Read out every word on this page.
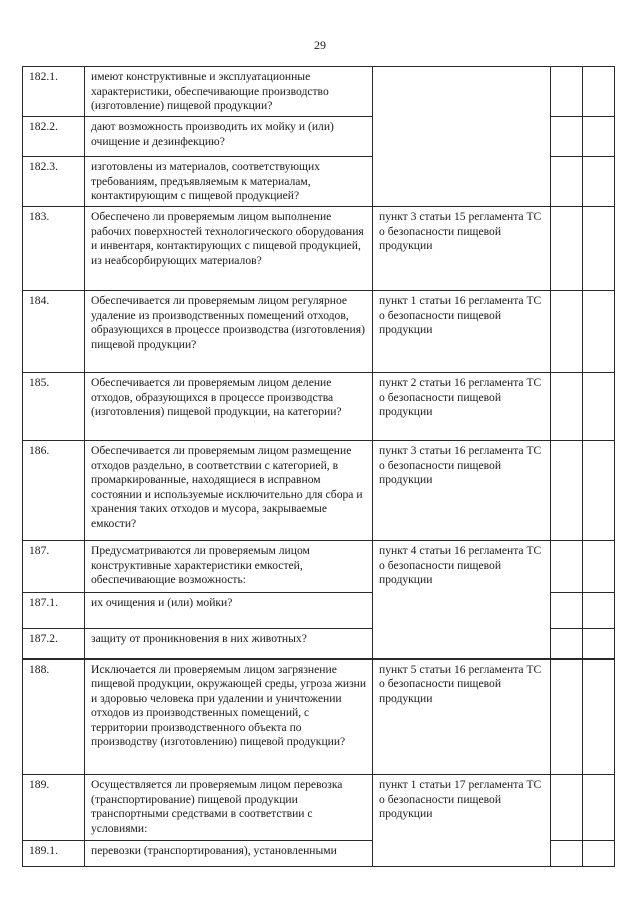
29
182.1.	имеют конструктивные и эксплуатационные характеристики, обеспечивающие производство (изготовление) пищевой продукции?			
182.2.	дают возможность производить их мойку и (или) очищение и дезинфекцию?			
182.3.	изготовлены из материалов, соответствующих требованиям, предъявляемым к материалам, контактирующим с пищевой продукцией?			
183.	Обеспечено ли проверяемым лицом выполнение рабочих поверхностей технологического оборудования и инвентаря, контактирующих с пищевой продукцией, из неабсорбирующих материалов?	пункт 3 статьи 15 регламента ТС о безопасности пищевой продукции		
184.	Обеспечивается ли проверяемым лицом регулярное удаление из производственных помещений отходов, образующихся в процессе производства (изготовления) пищевой продукции?	пункт 1 статьи 16 регламента ТС о безопасности пищевой продукции		
185.	Обеспечивается ли проверяемым лицом деление отходов, образующихся в процессе производства (изготовления) пищевой продукции, на категории?	пункт 2 статьи 16 регламента ТС о безопасности пищевой продукции		
186.	Обеспечивается ли проверяемым лицом размещение отходов раздельно, в соответствии с категорией, в промаркированные, находящиеся в исправном состоянии и используемые исключительно для сбора и хранения таких отходов и мусора, закрываемые емкости?	пункт 3 статьи 16 регламента ТС о безопасности пищевой продукции		
187.	Предусматриваются ли проверяемым лицом конструктивные характеристики емкостей, обеспечивающие возможность:	пункт 4 статьи 16 регламента ТС о безопасности пищевой продукции		
187.1.	их очищения и (или) мойки?			
187.2.	защиту от проникновения в них животных?			
188.	Исключается ли проверяемым лицом загрязнение пищевой продукции, окружающей среды, угроза жизни и здоровью человека при удалении и уничтожении отходов из производственных помещений, с территории производственного объекта по производству (изготовлению) пищевой продукции?	пункт 5 статьи 16 регламента ТС о безопасности пищевой продукции		
189.	Осуществляется ли проверяемым лицом перевозка (транспортирование) пищевой продукции транспортными средствами в соответствии с условиями:	пункт 1 статьи 17 регламента ТС о безопасности пищевой продукции		
189.1.	перевозки (транспортирования), установленными			
